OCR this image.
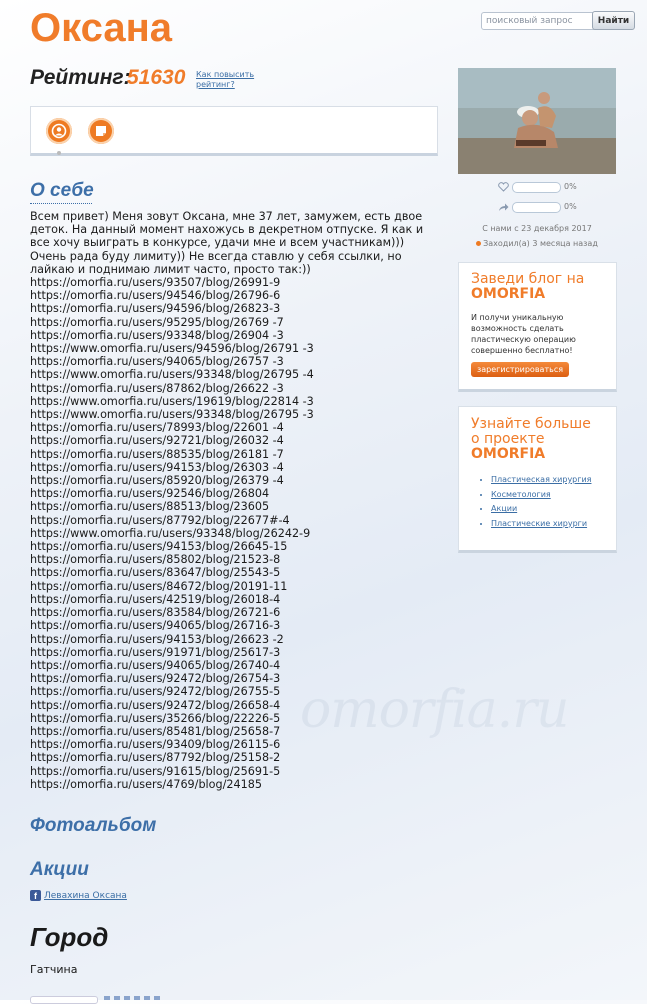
omorfia.ru
Оксана
поисковый запрос	Найти
Рейтинг:
51630 Как повысить рейтинг?
О себе
Всем привет) Меня зовут Оксана, мне 37 лет, замужем, есть двое
деток. На данный момент нахожусь в декретном отпуске. Я как и
все хочу выиграть в конкурсе, удачи мне и всем участникам)))
Очень рада буду лимиту)) Не всегда ставлю у себя ссылки, но
лайкаю и поднимаю лимит часто, просто так:))
https://omorfia.ru/users/93507/blog/26991-9
https://omorfia.ru/users/94546/blog/26796-6
https://omorfia.ru/users/94596/blog/26823-3
https://omorfia.ru/users/95295/blog/26769 -7
https://omorfia.ru/users/93348/blog/26904 -3
https://www.omorfia.ru/users/94596/blog/26791 -3
https://omorfia.ru/users/94065/blog/26757 -3
https://www.omorfia.ru/users/93348/blog/26795 -4
https://omorfia.ru/users/87862/blog/26622 -3
https://www.omorfia.ru/users/19619/blog/22814 -3
https://www.omorfia.ru/users/93348/blog/26795 -3
https://omorfia.ru/users/78993/blog/22601 -4
https://omorfia.ru/users/92721/blog/26032 -4
https://omorfia.ru/users/88535/blog/26181 -7
https://omorfia.ru/users/94153/blog/26303 -4
https://omorfia.ru/users/85920/blog/26379 -4
https://omorfia.ru/users/92546/blog/26804
https://omorfia.ru/users/88513/blog/23605
https://omorfia.ru/users/87792/blog/22677#-4
https://www.omorfia.ru/users/93348/blog/26242-9
https://omorfia.ru/users/94153/blog/26645-15
https://omorfia.ru/users/85802/blog/21523-8
https://omorfia.ru/users/83647/blog/25543-5
https://omorfia.ru/users/84672/blog/20191-11
https://omorfia.ru/users/42519/blog/26018-4
https://omorfia.ru/users/83584/blog/26721-6
https://omorfia.ru/users/94065/blog/26716-3
https://omorfia.ru/users/94153/blog/26623 -2
https://omorfia.ru/users/91971/blog/25617-3
https://omorfia.ru/users/94065/blog/26740-4
https://omorfia.ru/users/92472/blog/26754-3
https://omorfia.ru/users/92472/blog/26755-5
https://omorfia.ru/users/92472/blog/26658-4
https://omorfia.ru/users/35266/blog/22226-5
https://omorfia.ru/users/85481/blog/25658-7
https://omorfia.ru/users/93409/blog/26115-6
https://omorfia.ru/users/87792/blog/25158-2
https://omorfia.ru/users/91615/blog/25691-5
https://omorfia.ru/users/4769/blog/24185
Фотоальбом
Акции
f Левахина Оксана
Город
Гатчина
0%
0%
С нами с 23 декабря 2017
Заходил(а) 3 месяца назад
Заведи блог на
OMORFIA
И получи уникальную возможность сделать пластическую операцию совершенно бесплатно!
зарегистрироваться
Узнайте больше
о проекте
OMORFIA
• Пластическая хирургия
• Косметология
• Акции
• Пластические хирурги
